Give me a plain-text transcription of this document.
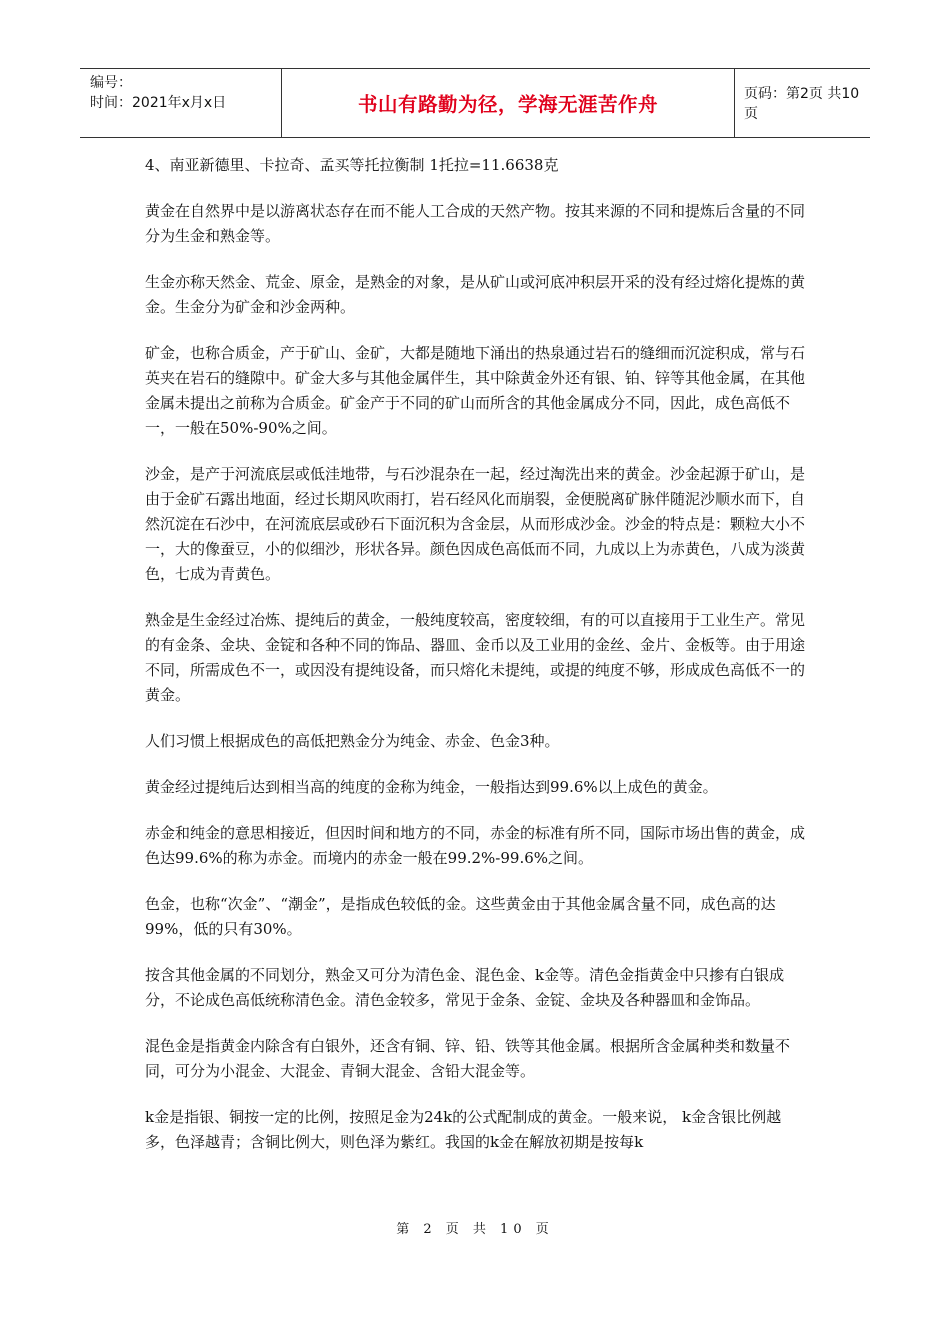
编号：
时间：2021年x月x日	书山有路勤为径，学海无涯苦作舟	页码：第2页 共10页

4、南亚新德里、卡拉奇、孟买等托拉衡制 1托拉=11.6638克

黄金在自然界中是以游离状态存在而不能人工合成的天然产物。按其来源的不同和提炼后含量的不同分为生金和熟金等。

生金亦称天然金、荒金、原金，是熟金的对象，是从矿山或河底冲积层开采的没有经过熔化提炼的黄金。生金分为矿金和沙金两种。

矿金，也称合质金，产于矿山、金矿，大都是随地下涌出的热泉通过岩石的缝细而沉淀积成，常与石英夹在岩石的缝隙中。矿金大多与其他金属伴生，其中除黄金外还有银、铂、锌等其他金属，在其他金属未提出之前称为合质金。矿金产于不同的矿山而所含的其他金属成分不同，因此，成色高低不一，一般在50%-90%之间。

沙金，是产于河流底层或低洼地带，与石沙混杂在一起，经过淘洗出来的黄金。沙金起源于矿山，是由于金矿石露出地面，经过长期风吹雨打，岩石经风化而崩裂，金便脱离矿脉伴随泥沙顺水而下，自然沉淀在石沙中，在河流底层或砂石下面沉积为含金层，从而形成沙金。沙金的特点是：颗粒大小不一，大的像蚕豆，小的似细沙，形状各异。颜色因成色高低而不同，九成以上为赤黄色，八成为淡黄色，七成为青黄色。

熟金是生金经过冶炼、提纯后的黄金，一般纯度较高，密度较细，有的可以直接用于工业生产。常见的有金条、金块、金锭和各种不同的饰品、器皿、金币以及工业用的金丝、金片、金板等。由于用途不同，所需成色不一，或因没有提纯设备，而只熔化未提纯，或提的纯度不够，形成成色高低不一的黄金。

人们习惯上根据成色的高低把熟金分为纯金、赤金、色金3种。

黄金经过提纯后达到相当高的纯度的金称为纯金，一般指达到99.6%以上成色的黄金。

赤金和纯金的意思相接近，但因时间和地方的不同，赤金的标准有所不同，国际市场出售的黄金，成色达99.6%的称为赤金。而境内的赤金一般在99.2%-99.6%之间。

色金，也称“次金”、“潮金”，是指成色较低的金。这些黄金由于其他金属含量不同，成色高的达99%，低的只有30%。

按含其他金属的不同划分，熟金又可分为清色金、混色金、k金等。清色金指黄金中只掺有白银成分，不论成色高低统称清色金。清色金较多，常见于金条、金锭、金块及各种器皿和金饰品。

混色金是指黄金内除含有白银外，还含有铜、锌、铅、铁等其他金属。根据所含金属种类和数量不同，可分为小混金、大混金、青铜大混金、含铅大混金等。

k金是指银、铜按一定的比例，按照足金为24k的公式配制成的黄金。一般来说， k金含银比例越多，色泽越青；含铜比例大，则色泽为紫红。我国的k金在解放初期是按每k

第 2 页 共 10 页
